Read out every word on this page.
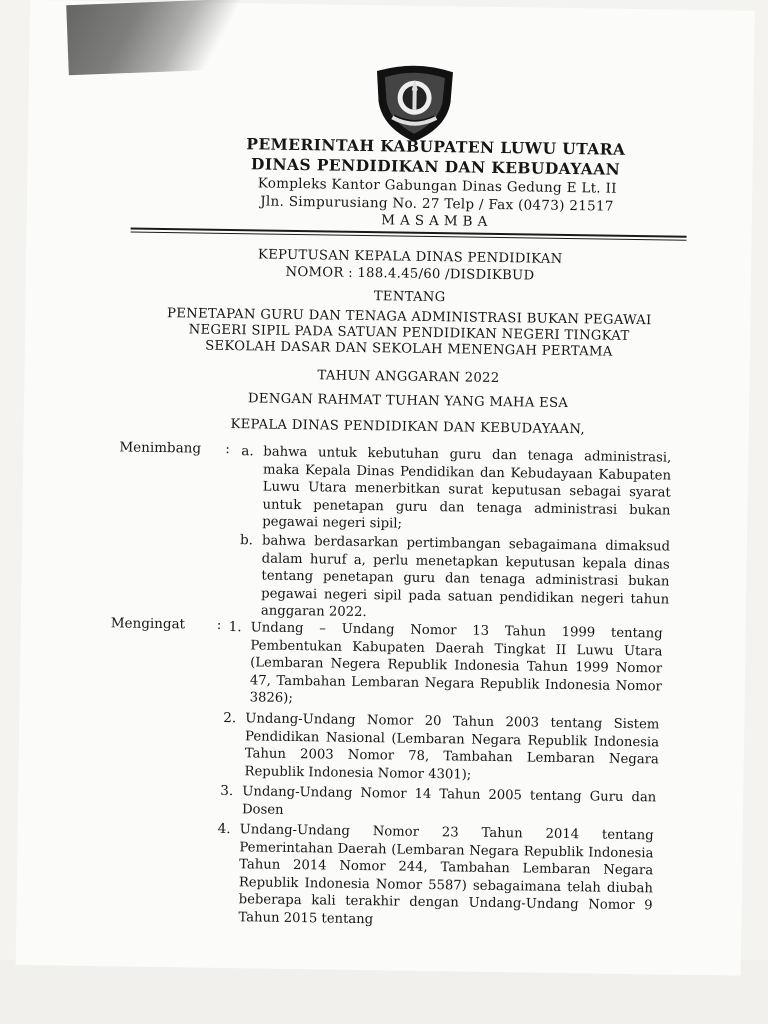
PEMERINTAH KABUPATEN LUWU UTARA
DINAS PENDIDIKAN DAN KEBUDAYAAN
Kompleks Kantor Gabungan Dinas Gedung E Lt. II
Jln. Simpurusiang No. 27 Telp / Fax (0473) 21517
MASAMBA
KEPUTUSAN KEPALA DINAS PENDIDIKAN
NOMOR : 188.4.45/60 /DISDIKBUD
TENTANG
PENETAPAN GURU DAN TENAGA ADMINISTRASI BUKAN PEGAWAI
NEGERI SIPIL PADA SATUAN PENDIDIKAN NEGERI TINGKAT
SEKOLAH DASAR DAN SEKOLAH MENENGAH PERTAMA
TAHUN ANGGARAN 2022
DENGAN RAHMAT TUHAN YANG MAHA ESA
KEPALA DINAS PENDIDIKAN DAN KEBUDAYAAN,
Menimbang : a. bahwa untuk kebutuhan guru dan tenaga administrasi, maka Kepala Dinas Pendidikan dan Kebudayaan Kabupaten Luwu Utara menerbitkan surat keputusan sebagai syarat untuk penetapan guru dan tenaga administrasi bukan pegawai negeri sipil;
b. bahwa berdasarkan pertimbangan sebagaimana dimaksud dalam huruf a, perlu menetapkan keputusan kepala dinas tentang penetapan guru dan tenaga administrasi bukan pegawai negeri sipil pada satuan pendidikan negeri tahun anggaran 2022.
Mengingat : 1. Undang – Undang Nomor 13 Tahun 1999 tentang Pembentukan Kabupaten Daerah Tingkat II Luwu Utara (Lembaran Negera Republik Indonesia Tahun 1999 Nomor 47, Tambahan Lembaran Negara Republik Indonesia Nomor 3826);
2. Undang-Undang Nomor 20 Tahun 2003 tentang Sistem Pendidikan Nasional (Lembaran Negara Republik Indonesia Tahun 2003 Nomor 78, Tambahan Lembaran Negara Republik Indonesia Nomor 4301);
3. Undang-Undang Nomor 14 Tahun 2005 tentang Guru dan Dosen
4. Undang-Undang Nomor 23 Tahun 2014 tentang Pemerintahan Daerah (Lembaran Negara Republik Indonesia Tahun 2014 Nomor 244, Tambahan Lembaran Negara Republik Indonesia Nomor 5587) sebagaimana telah diubah beberapa kali terakhir dengan Undang-Undang Nomor 9 Tahun 2015 tentang
